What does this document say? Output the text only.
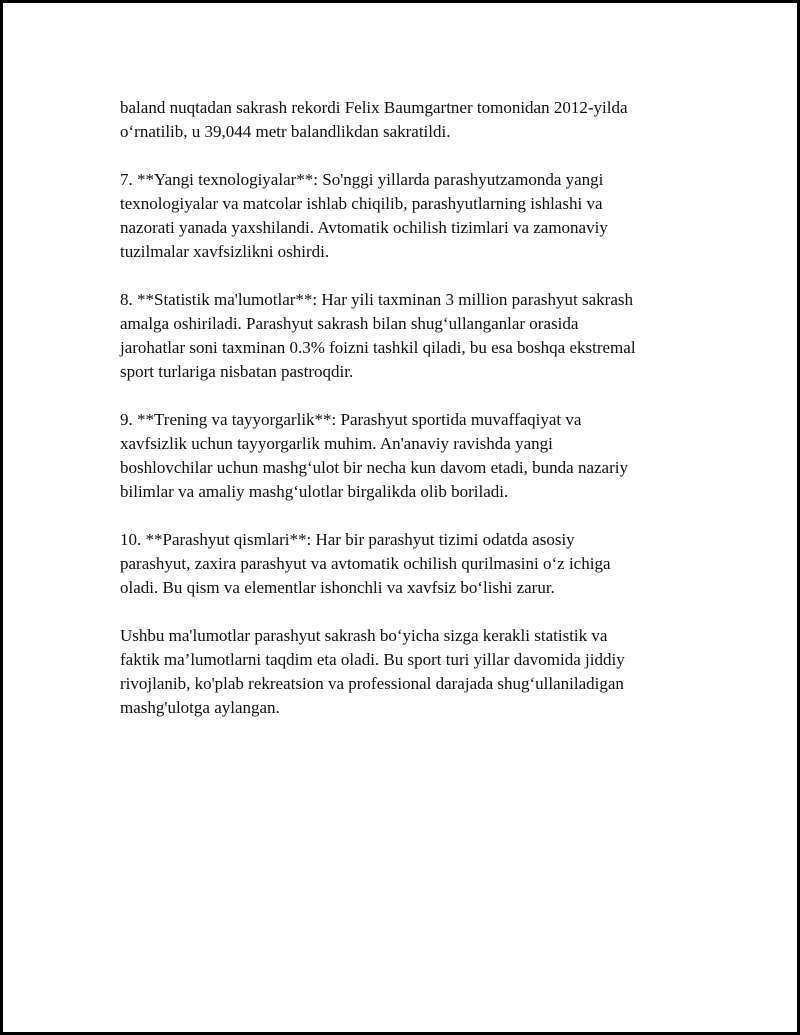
baland nuqtadan sakrash rekordi Felix Baumgartner tomonidan 2012-yilda
o‘rnatilib, u 39,044 metr balandlikdan sakratildi.
7. **Yangi texnologiyalar**: So'nggi yillarda parashyutzamonda yangi
texnologiyalar va matcolar ishlab chiqilib, parashyutlarning ishlashi va
nazorati yanada yaxshilandi. Avtomatik ochilish tizimlari va zamonaviy
tuzilmalar xavfsizlikni oshirdi.
8. **Statistik ma'lumotlar**: Har yili taxminan 3 million parashyut sakrash
amalga oshiriladi. Parashyut sakrash bilan shug‘ullanganlar orasida
jarohatlar soni taxminan 0.3% foizni tashkil qiladi, bu esa boshqa ekstremal
sport turlariga nisbatan pastroqdir.
9. **Trening va tayyorgarlik**: Parashyut sportida muvaffaqiyat va
xavfsizlik uchun tayyorgarlik muhim. An'anaviy ravishda yangi
boshlovchilar uchun mashg‘ulot bir necha kun davom etadi, bunda nazariy
bilimlar va amaliy mashg‘ulotlar birgalikda olib boriladi.
10. **Parashyut qismlari**: Har bir parashyut tizimi odatda asosiy
parashyut, zaxira parashyut va avtomatik ochilish qurilmasini o‘z ichiga
oladi. Bu qism va elementlar ishonchli va xavfsiz bo‘lishi zarur.
Ushbu ma'lumotlar parashyut sakrash bo‘yicha sizga kerakli statistik va
faktik ma’lumotlarni taqdim eta oladi. Bu sport turi yillar davomida jiddiy
rivojlanib, ko'plab rekreatsion va professional darajada shug‘ullaniladigan
mashg'ulotga aylangan.
